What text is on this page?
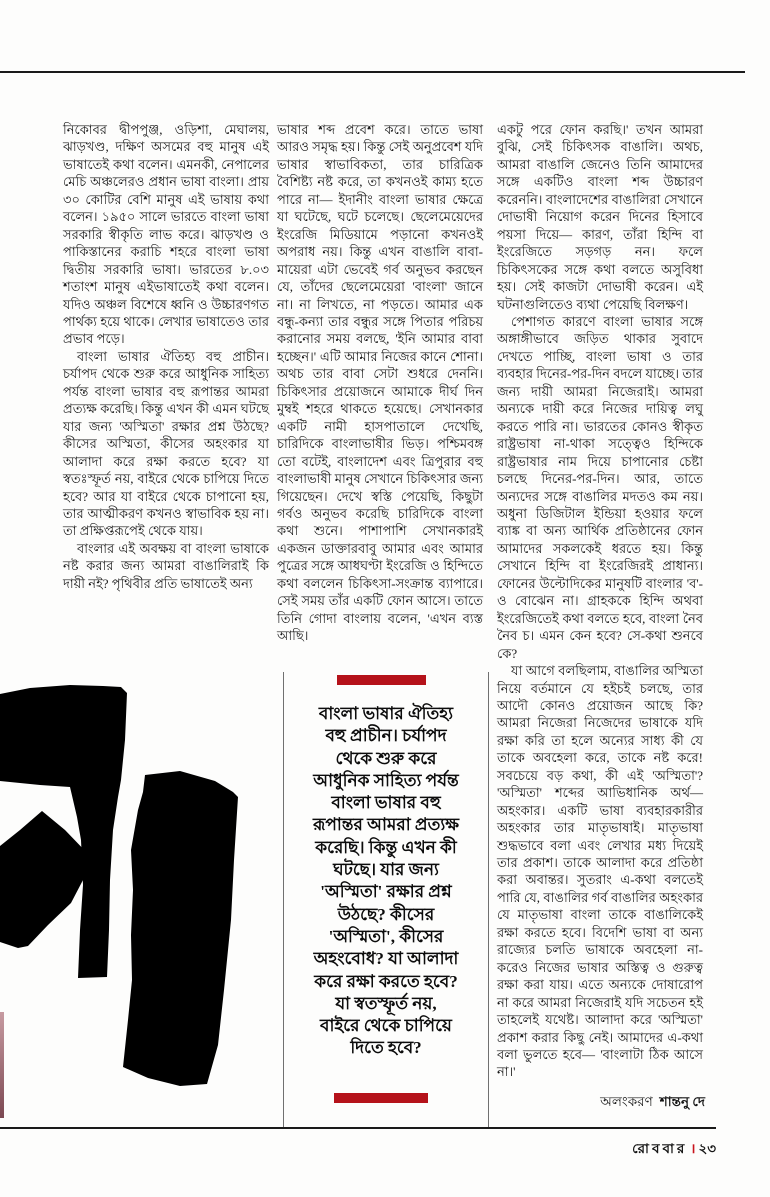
নিকোবর দ্বীপপুঞ্জ, ওড়িশা, মেঘালয়, ঝাড়খণ্ড, দক্ষিণ অসমের বহু মানুষ এই ভাষাতেই কথা বলেন। এমনকী, নেপালের মেচি অঞ্চলেরও প্রধান ভাষা বাংলা। প্রায় ৩০ কোটির বেশি মানুষ এই ভাষায় কথা বলেন। ১৯৫০ সালে ভারতে বাংলা ভাষা সরকারি স্বীকৃতি লাভ করে। ঝাড়খণ্ড ও পাকিস্তানের করাচি শহরে বাংলা ভাষা দ্বিতীয় সরকারি ভাষা। ভারতের ৮.০৩ শতাংশ মানুষ এইভাষাতেই কথা বলেন। যদিও অঞ্চল বিশেষে ধ্বনি ও উচ্চারণগত পার্থক্য হয়ে থাকে। লেখার ভাষাতেও তার প্রভাব পড়ে।

বাংলা ভাষার ঐতিহ্য বহু প্রাচীন। চর্যাপদ থেকে শুরু করে আধুনিক সাহিত্য পর্যন্ত বাংলা ভাষার বহু রূপান্তর আমরা প্রত্যক্ষ করেছি। কিন্তু এখন কী এমন ঘটছে যার জন্য 'অস্মিতা' রক্ষার প্রশ্ন উঠছে? কীসের অস্মিতা, কীসের অহংকার যা আলাদা করে রক্ষা করতে হবে? যা স্বতঃস্ফূর্ত নয়, বাইরে থেকে চাপিয়ে দিতে হবে? আর যা বাইরে থেকে চাপানো হয়, তার আত্মীকরণ কখনও স্বাভাবিক হয় না। তা প্রক্ষিপ্তরূপেই থেকে যায়।

বাংলার এই অবক্ষয় বা বাংলা ভাষাকে নষ্ট করার জন্য আমরা বাঙালিরাই কি দায়ী নই? পৃথিবীর প্রতি ভাষাতেই অন্য

ভাষার শব্দ প্রবেশ করে। তাতে ভাষা আরও সমৃদ্ধ হয়। কিন্তু সেই অনুপ্রবেশ যদি ভাষার স্বাভাবিকতা, তার চারিত্রিক বৈশিষ্ট্য নষ্ট করে, তা কখনওই কাম্য হতে পারে না— ইদানীং বাংলা ভাষার ক্ষেত্রে যা ঘটেছে, ঘটে চলেছে। ছেলেমেয়েদের ইংরেজি মিডিয়ামে পড়ানো কখনওই অপরাধ নয়। কিন্তু এখন বাঙালি বাবা-মায়েরা এটা ভেবেই গর্ব অনুভব করছেন যে, তাঁদের ছেলেমেয়েরা 'বাংলা' জানে না। না লিখতে, না পড়তে। আমার এক বন্ধু-কন্যা তার বন্ধুর সঙ্গে পিতার পরিচয় করানোর সময় বলছে, 'ইনি আমার বাবা হচ্ছেন।' এটি আমার নিজের কানে শোনা। অথচ তার বাবা সেটা শুধরে দেননি। চিকিৎসার প্রয়োজনে আমাকে দীর্ঘ দিন মুম্বই শহরে থাকতে হয়েছে। সেখানকার একটি নামী হাসপাতালে দেখেছি, চারিদিকে বাংলাভাষীর ভিড়। পশ্চিমবঙ্গ তো বটেই, বাংলাদেশ এবং ত্রিপুরার বহু বাংলাভাষী মানুষ সেখানে চিকিৎসার জন্য গিয়েছেন। দেখে স্বস্তি পেয়েছি, কিছুটা গর্বও অনুভব করেছি চারিদিকে বাংলা কথা শুনে। পাশাপাশি সেখানকারই একজন ডাক্তারবাবু আমার এবং আমার পুত্রের সঙ্গে আধঘণ্টা ইংরেজি ও হিন্দিতে কথা বললেন চিকিৎসা-সংক্রান্ত ব্যাপারে। সেই সময় তাঁর একটি ফোন আসে। তাতে তিনি গোদা বাংলায় বলেন, 'এখন ব্যস্ত আছি।

একটু পরে ফোন করছি।' তখন আমরা বুঝি, সেই চিকিৎসক বাঙালি। অথচ, আমরা বাঙালি জেনেও তিনি আমাদের সঙ্গে একটিও বাংলা শব্দ উচ্চারণ করেননি। বাংলাদেশের বাঙালিরা সেখানে দোভাষী নিয়োগ করেন দিনের হিসাবে পয়সা দিয়ে— কারণ, তাঁরা হিন্দি বা ইংরেজিতে সড়গড় নন। ফলে চিকিৎসকের সঙ্গে কথা বলতে অসুবিধা হয়। সেই কাজটা দোভাষী করেন। এই ঘটনাগুলিতেও ব্যথা পেয়েছি বিলক্ষণ।

পেশাগত কারণে বাংলা ভাষার সঙ্গে অঙ্গাঙ্গীভাবে জড়িত থাকার সুবাদে দেখতে পাচ্ছি, বাংলা ভাষা ও তার ব্যবহার দিনের-পর-দিন বদলে যাচ্ছে। তার জন্য দায়ী আমরা নিজেরাই। আমরা অন্যকে দায়ী করে নিজের দায়িত্ব লঘু করতে পারি না। ভারতের কোনও স্বীকৃত রাষ্ট্রভাষা না-থাকা সত্ত্বেও হিন্দিকে রাষ্ট্রভাষার নাম দিয়ে চাপানোর চেষ্টা চলছে দিনের-পর-দিন। আর, তাতে অন্যদের সঙ্গে বাঙালির মদতও কম নয়। অধুনা ডিজিটাল ইন্ডিয়া হওয়ার ফলে ব্যাঙ্ক বা অন্য আর্থিক প্রতিষ্ঠানের ফোন আমাদের সকলকেই ধরতে হয়। কিন্তু সেখানে হিন্দি বা ইংরেজিরই প্রাধান্য। ফোনের উল্টোদিকের মানুষটি বাংলার 'ব'-ও বোঝেন না। গ্রাহককে হিন্দি অথবা ইংরেজিতেই কথা বলতে হবে, বাংলা নৈব নৈব চ। এমন কেন হবে? সে-কথা শুনবে কে?

যা আগে বলছিলাম, বাঙালির অস্মিতা নিয়ে বর্তমানে যে হইচই চলছে, তার আদৌ কোনও প্রয়োজন আছে কি? আমরা নিজেরা নিজেদের ভাষাকে যদি রক্ষা করি তা হলে অন্যের সাধ্য কী যে তাকে অবহেলা করে, তাকে নষ্ট করে! সবচেয়ে বড় কথা, কী এই 'অস্মিতা'? 'অস্মিতা' শব্দের আভিধানিক অর্থ— অহংকার। একটি ভাষা ব্যবহারকারীর অহংকার তার মাতৃভাষাই। মাতৃভাষা শুদ্ধভাবে বলা এবং লেখার মধ্য দিয়েই তার প্রকাশ। তাকে আলাদা করে প্রতিষ্ঠা করা অবান্তর। সুতরাং এ-কথা বলতেই পারি যে, বাঙালির গর্ব বাঙালির অহংকার যে মাতৃভাষা বাংলা তাকে বাঙালিকেই রক্ষা করতে হবে। বিদেশি ভাষা বা অন্য রাজ্যের চলতি ভাষাকে অবহেলা না-করেও নিজের ভাষার অস্তিত্ব ও গুরুত্ব রক্ষা করা যায়। এতে অন্যকে দোষারোপ না করে আমরা নিজেরাই যদি সচেতন হই তাহলেই যথেষ্ট। আলাদা করে 'অস্মিতা' প্রকাশ করার কিছু নেই। আমাদের এ-কথা বলা ভুলতে হবে— 'বাংলাটা ঠিক আসে না।'

বাংলা ভাষার ঐতিহ্য
বহু প্রাচীন। চর্যাপদ
থেকে শুরু করে
আধুনিক সাহিত্য পর্যন্ত
বাংলা ভাষার বহু
রূপান্তর আমরা প্রত্যক্ষ
করেছি। কিন্তু এখন কী
ঘটছে। যার জন্য
'অস্মিতা' রক্ষার প্রশ্ন
উঠছে? কীসের
'অস্মিতা', কীসের
অহংবোধ? যা আলাদা
করে রক্ষা করতে হবে?
যা স্বতস্ফূর্ত নয়,
বাইরে থেকে চাপিয়ে
দিতে হবে?
অলংকরণ শান্তনু দে
রোববার । ২৩
